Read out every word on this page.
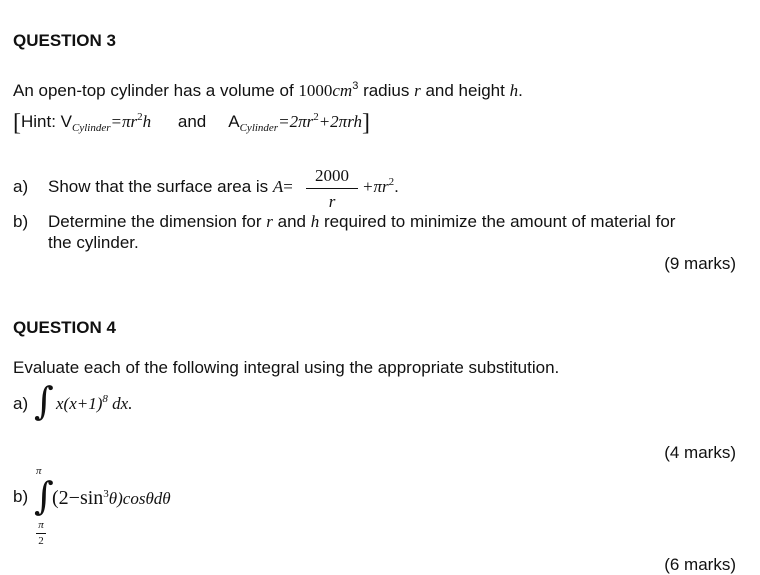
QUESTION 3
An open-top cylinder has a volume of $1000cm^3$ radius r and height h.
[Hint: $V_{Cylinder}=\pi r^2h$ and $A_{Cylinder}=2\pi r^2+2\pi rh$]
a) Show that the surface area is A=
2000
r
$+\pi r^2$.
b) Determine the dimension for r and h required to minimize the amount of material for
the cylinder.
(9 marks)
QUESTION 4
Evaluate each of the following integral using the appropriate substitution.
a) ∫ $x(x+1)^8$ dx.
(4 marks)
b)
π
∫
π
2
$(2-\sin^3\theta)\cos\theta d\theta$
(6 marks)
